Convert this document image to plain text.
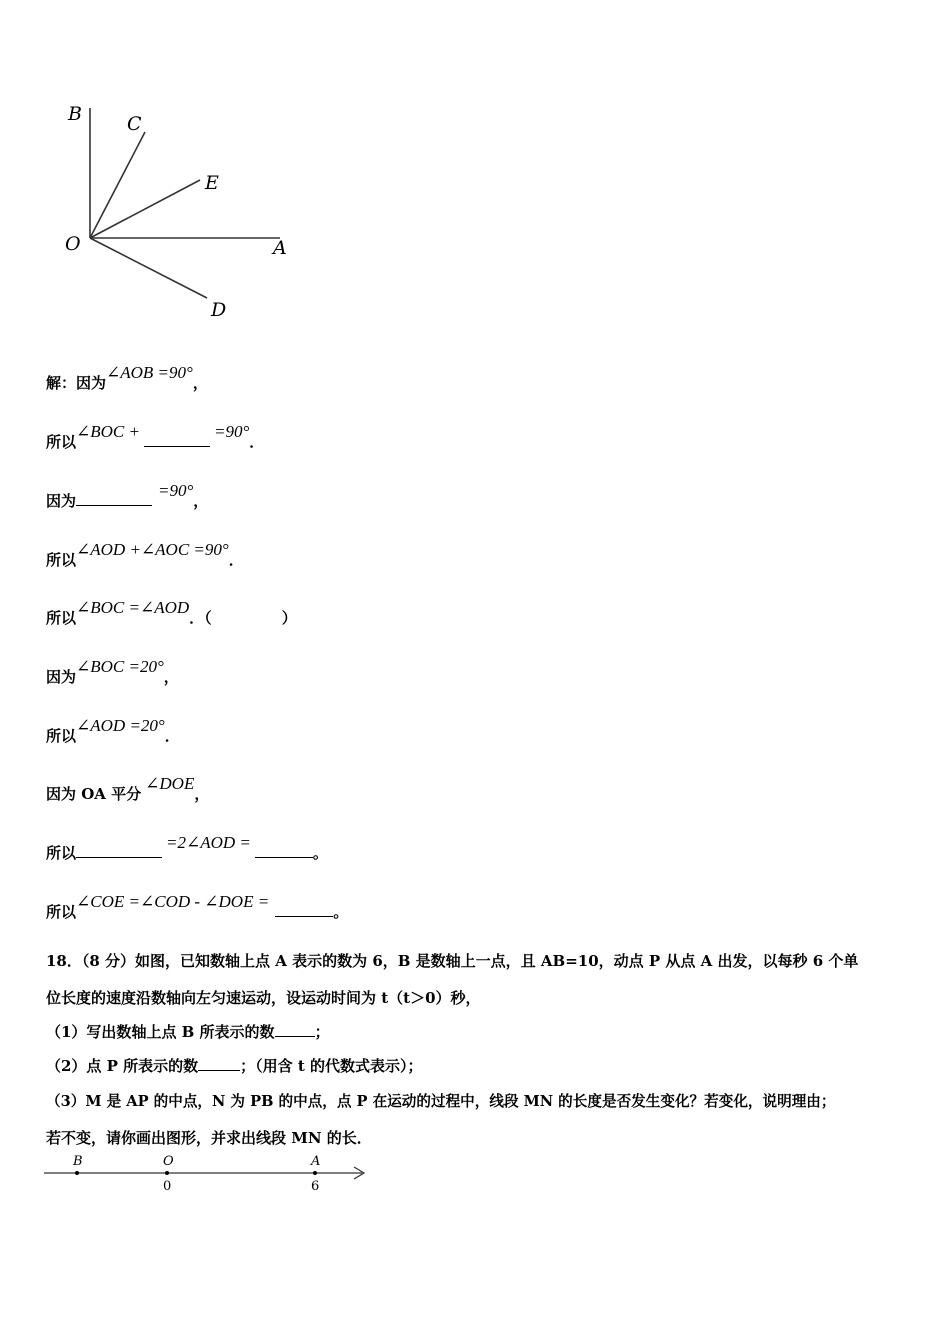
B C
E
O	A
D
解：因为∠AOB =90°，
所以∠BOC +	=90°．
因为=90°，
所以∠AOD +∠AOC =90°．
所以∠BOC =∠AOD．（	）
因为∠BOC =20°，
所以∠AOD =20°．
因为 OA 平分∠DOE，
所以=2∠AOD =。
所以∠COE =∠COD - ∠DOE =。
18．（8 分）如图，已知数轴上点 A 表示的数为 6，B 是数轴上一点，且 AB=10，动点 P 从点 A 出发，以每秒 6 个单
位长度的速度沿数轴向左匀速运动，设运动时间为 t（t＞0）秒，
（1）写出数轴上点 B 所表示的数	；
（2）点 P 所表示的数	；（用含 t 的代数式表示）；
（3）M 是 AP 的中点，N 为 PB 的中点，点 P 在运动的过程中，线段 MN 的长度是否发生变化？若变化，说明理由；
若不变，请你画出图形，并求出线段 MN 的长．
B	O	A
0	6
